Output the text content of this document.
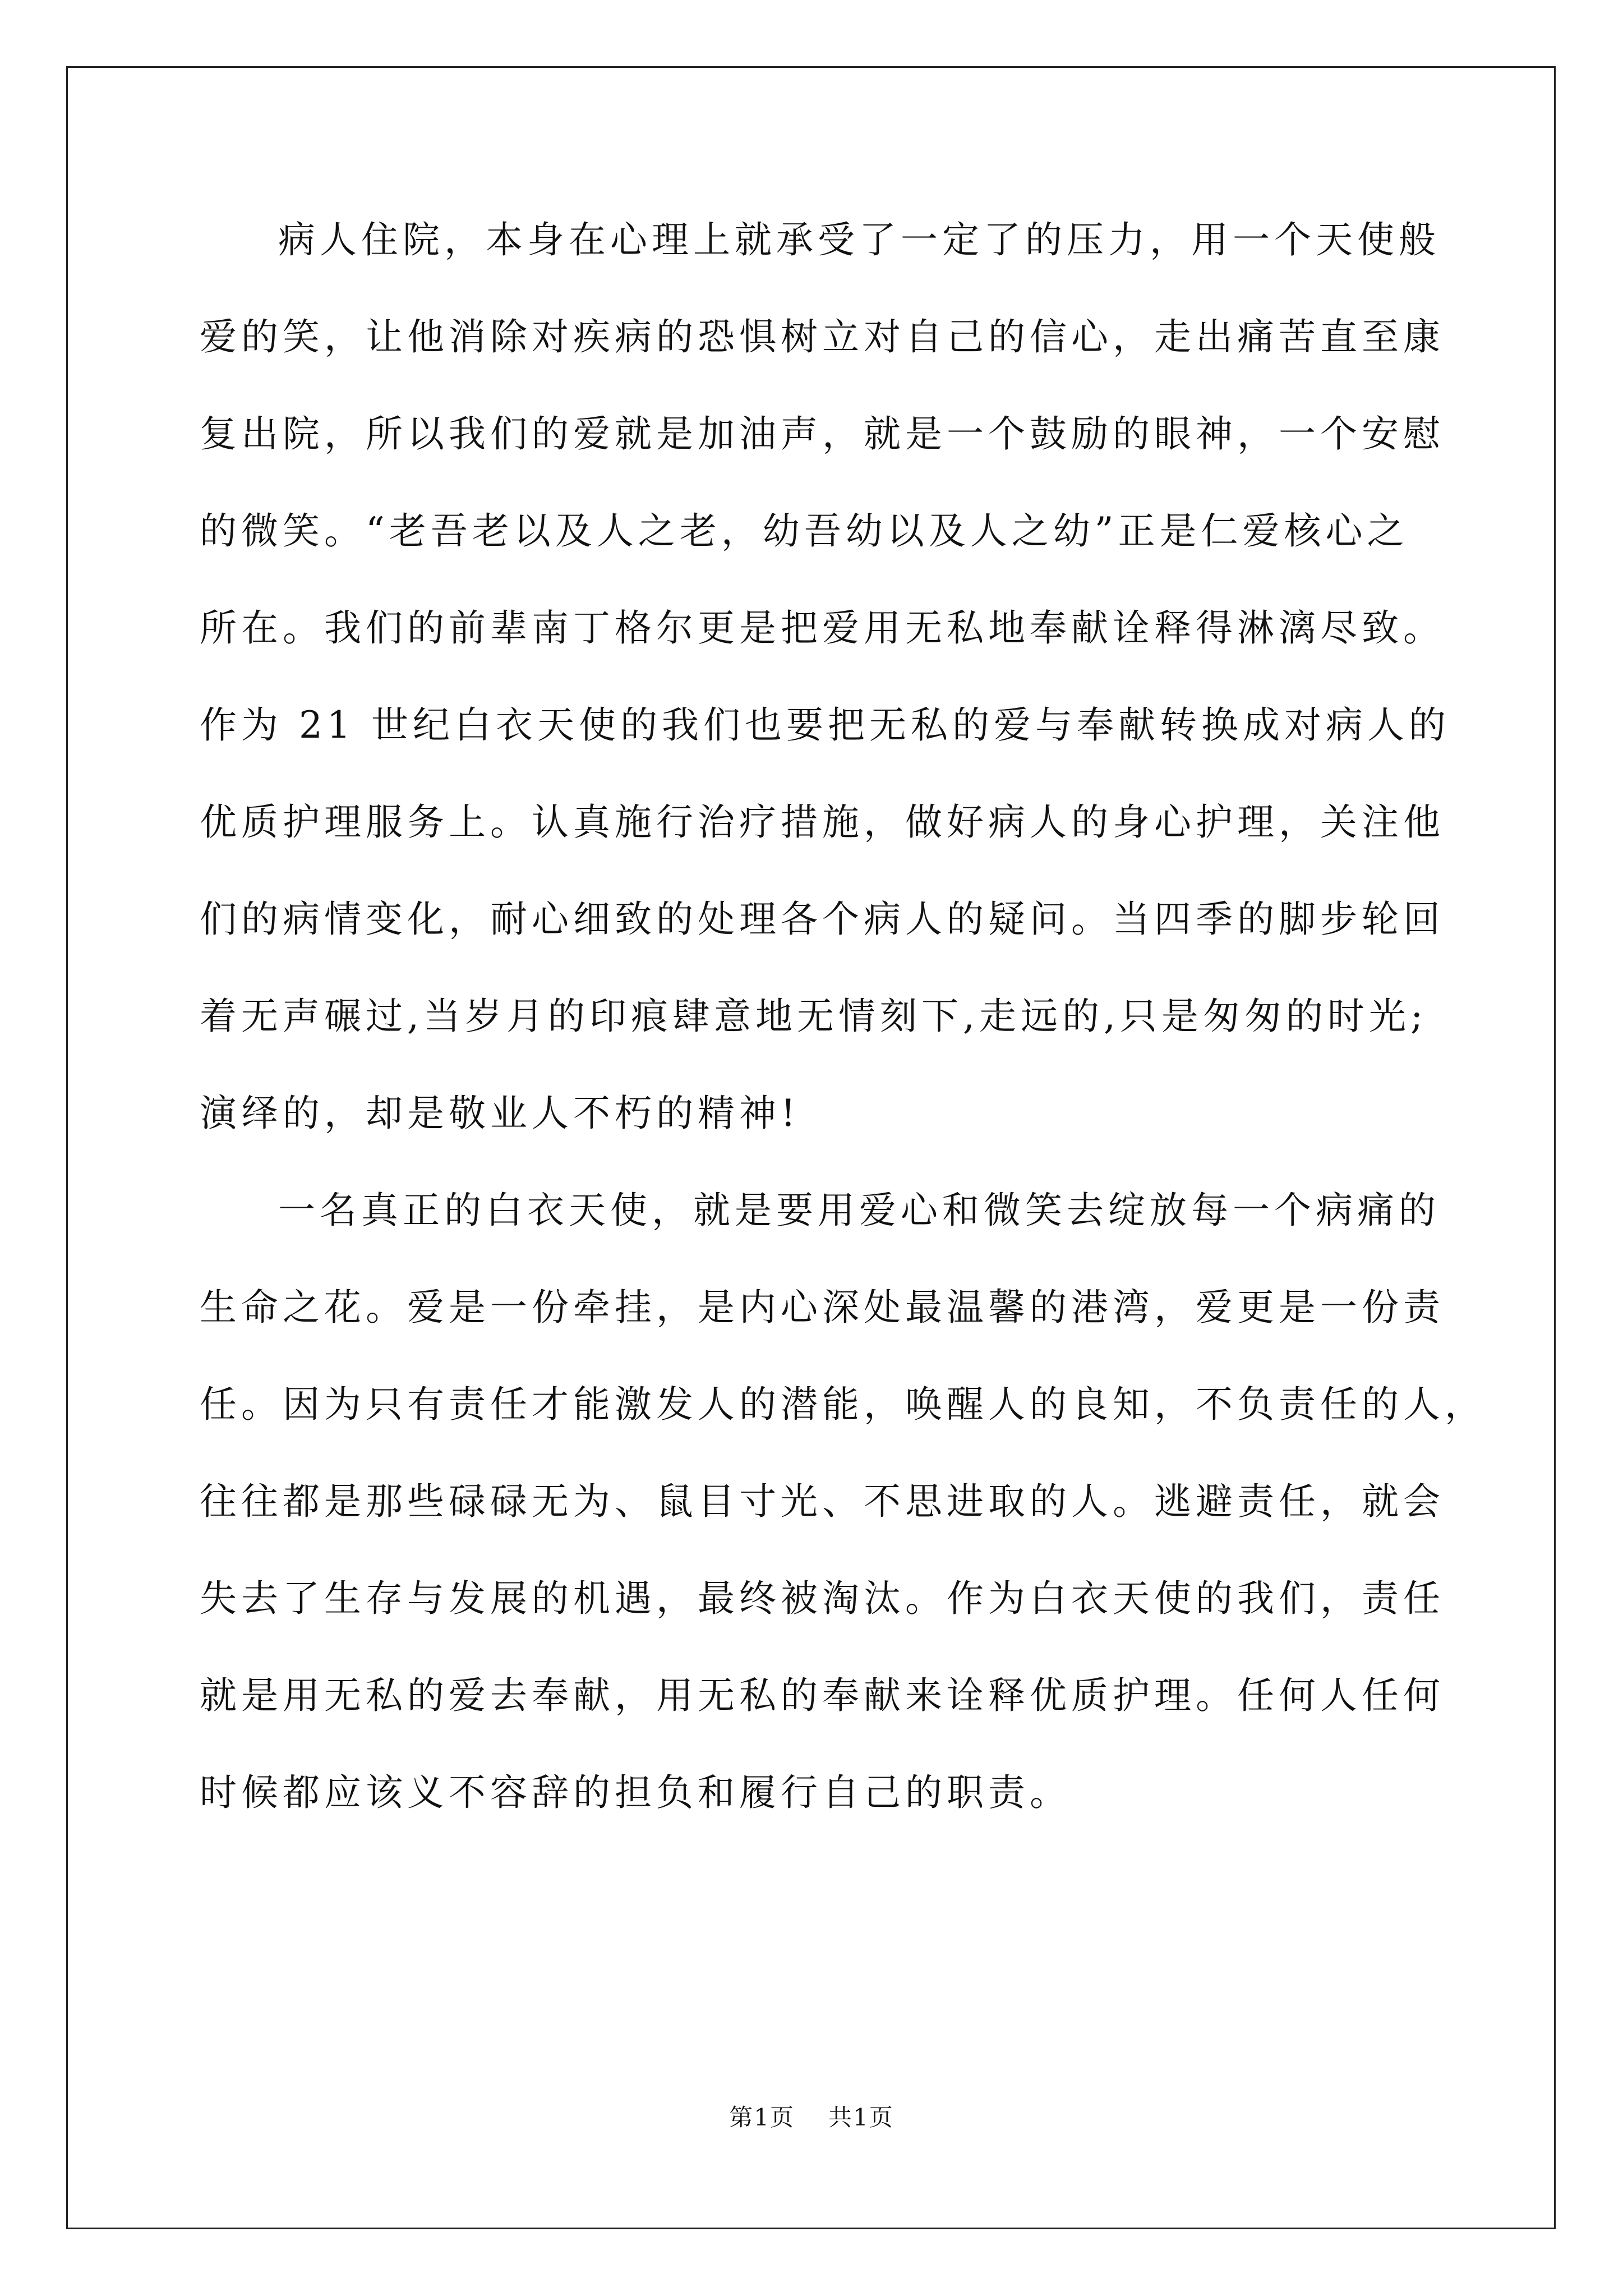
病人住院，本身在心理上就承受了一定了的压力，用一个天使般
爱的笑，让他消除对疾病的恐惧树立对自己的信心，走出痛苦直至康
复出院，所以我们的爱就是加油声，就是一个鼓励的眼神，一个安慰
的微笑。“老吾老以及人之老，幼吾幼以及人之幼”正是仁爱核心之
所在。我们的前辈南丁格尔更是把爱用无私地奉献诠释得淋漓尽致。
作为 21 世纪白衣天使的我们也要把无私的爱与奉献转换成对病人的
优质护理服务上。认真施行治疗措施，做好病人的身心护理，关注他
们的病情变化，耐心细致的处理各个病人的疑问。当四季的脚步轮回
着无声碾过,当岁月的印痕肆意地无情刻下,走远的,只是匆匆的时光;
演绎的，却是敬业人不朽的精神!
一名真正的白衣天使，就是要用爱心和微笑去绽放每一个病痛的
生命之花。爱是一份牵挂，是内心深处最温馨的港湾，爱更是一份责
任。因为只有责任才能激发人的潜能，唤醒人的良知，不负责任的人，
往往都是那些碌碌无为、鼠目寸光、不思进取的人。逃避责任，就会
失去了生存与发展的机遇，最终被淘汰。作为白衣天使的我们，责任
就是用无私的爱去奉献，用无私的奉献来诠释优质护理。任何人任何
时候都应该义不容辞的担负和履行自己的职责。
第1页 共1页
